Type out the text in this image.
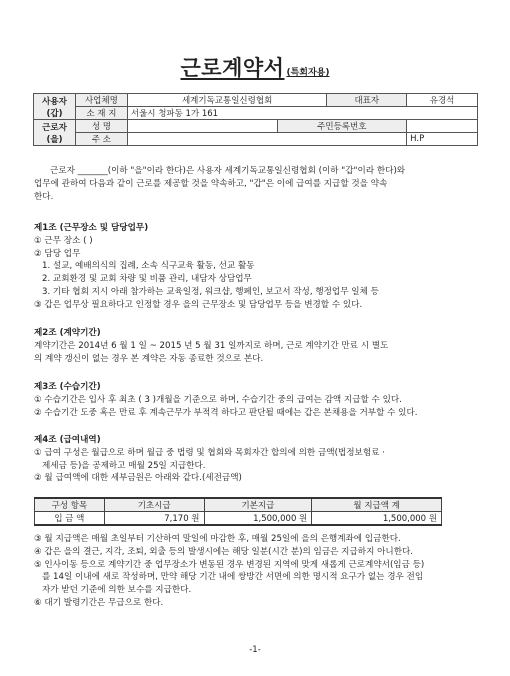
근로계약서 (특회자용)
사용자
(갑)	사업체명	세계기독교통일신령협회		대표자	유경석
	소 재 지	서울시 청파동 1가 161			
근로자
(을)	성 명		주민등록번호		
	주 소				H.P

근로자 _______(이하 "을"이라 한다)은 사용자 세계기독교통일신령협회 (이하 "갑"이라 한다)와

업무에 관하여 다음과 같이 근로를 제공할 것을 약속하고, "갑"은 이에 급여를 지급할 것을 약속

한다.

제1조 (근무장소 및 담당업무)

① 근무 장소 ( )

② 담당 업무

1. 설교, 예배의식의 집례, 소속 식구교육 활동, 선교 활동

2. 교회환경 및 교회 차량 및 비품 관리, 내담자 상담업무

3. 기타 협회 지시 아래 참가하는 교육일정, 워크샵, 행페인, 보고서 작성, 행정업무 일체 등

③ 갑은 업무상 필요하다고 인정할 경우 을의 근무장소 및 담당업무 등을 변경할 수 있다.

제2조 (계약기간)

계약기간은 2014년 6 월 1 일 ~ 2015 년 5 월 31 일까지로 하며, 근로 계약기간 만료 시 별도

의 계약 갱신이 없는 경우 본 계약은 자동 종료한 것으로 본다.

제3조 (수습기간)

① 수습기간은 입사 후 최초 ( 3 )개월을 기준으로 하며, 수습기간 중의 급여는 감액 지급할 수 있다.

② 수습기간 도중 혹은 만료 후 계속근무가 부적격 하다고 판단될 때에는 갑은 본채용을 거부할 수 있다.

제4조 (급여내역)

① 급여 구성은 월급으로 하며 월급 중 법령 및 협회와 목회자간 합의에 의한 금액(법정보험료 ·

제세금 등)을 공제하고 매월 25일 지급한다.

② 월 급여액에 대한 세부금원은 아래와 같다.(세전금액)

구성 항목	기초시급	기본지급	월 지급액 계
입 금 액	7,170 원	1,500,000 원	1,500,000 원

③ 월 지급액은 매월 초일부터 기산하여 말일에 마감한 후, 매월 25일에 을의 은행계좌에 입금한다.

④ 갑은 을의 결근, 지각, 조퇴, 외출 등의 발생시에는 해당 일분(시간 분)의 임금은 지급하지 아니한다.

⑤ 인사이동 등으로 계약기간 중 업무장소가 변동된 경우 변경된 지역에 맞게 새롭게 근로계약서(임금 등)

를 14일 이내에 새로 작성하며, 만약 해당 기간 내에 쌍방간 서면에 의한 명시적 요구가 없는 경우 전임

자가 받던 기준에 의한 보수를 지급한다.

⑥ 대기 발령기간은 무급으로 한다.

-1-
